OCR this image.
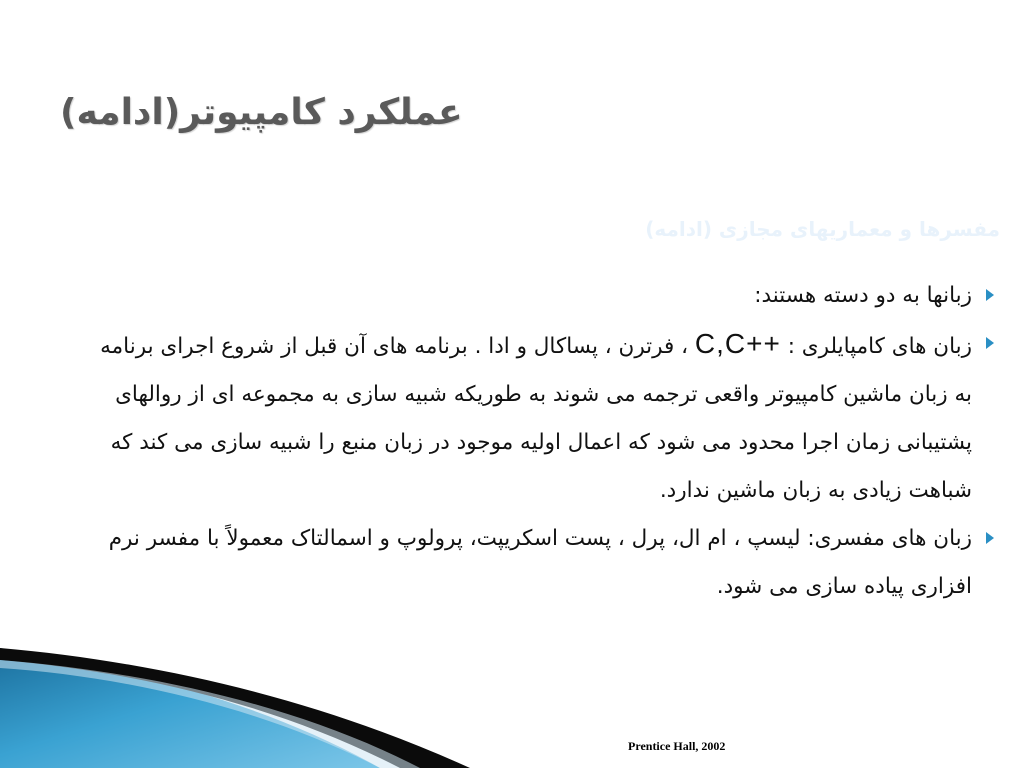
عملکرد کامپیوتر(ادامه)
مفسرها و معماریهای مجازی (ادامه)
زبانها به دو دسته هستند:
زبان های کامپایلری : C,C++ ، فرترن ، پساکال و ادا . برنامه های آن قبل از شروع اجرای برنامه به زبان ماشین کامپیوتر واقعی ترجمه می شوند به طوریکه شبیه سازی به مجموعه ای از روالهای پشتیبانی زمان اجرا محدود می شود که اعمال اولیه موجود در زبان منبع را شبیه سازی می کند که شباهت زیادی به زبان ماشین ندارد.
زبان های مفسری: لیسپ ، ام ال، پرل ، پست اسکریپت، پرولوپ و اسمالتاک معمولاً با مفسر نرم افزاری پیاده سازی می شود.
Prentice Hall, 2002
